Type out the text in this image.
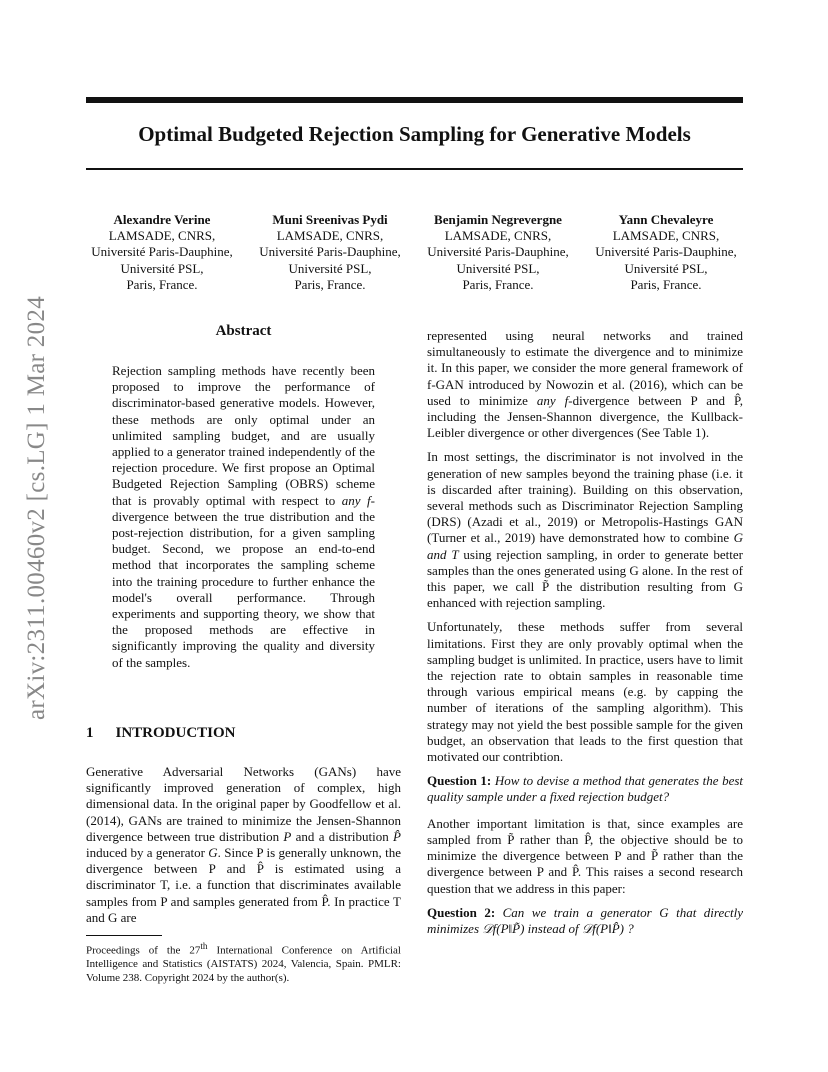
Optimal Budgeted Rejection Sampling for Generative Models
arXiv:2311.00460v2 [cs.LG] 1 Mar 2024
Alexandre Verine
LAMSADE, CNRS,
Université Paris-Dauphine,
Université PSL,
Paris, France.
Muni Sreenivas Pydi
LAMSADE, CNRS,
Université Paris-Dauphine,
Université PSL,
Paris, France.
Benjamin Negrevergne
LAMSADE, CNRS,
Université Paris-Dauphine,
Université PSL,
Paris, France.
Yann Chevaleyre
LAMSADE, CNRS,
Université Paris-Dauphine,
Université PSL,
Paris, France.
Abstract

Rejection sampling methods have recently been proposed to improve the performance of discriminator-based generative models. However, these methods are only optimal under an unlimited sampling budget, and are usually applied to a generator trained independently of the rejection procedure. We first propose an Optimal Budgeted Rejection Sampling (OBRS) scheme that is provably optimal with respect to any f-divergence between the true distribution and the post-rejection distribution, for a given sampling budget. Second, we propose an end-to-end method that incorporates the sampling scheme into the training procedure to further enhance the model's overall performance. Through experiments and supporting theory, we show that the proposed methods are effective in significantly improving the quality and diversity of the samples.

1 INTRODUCTION

Generative Adversarial Networks (GANs) have significantly improved generation of complex, high dimensional data. In the original paper by Goodfellow et al. (2014), GANs are trained to minimize the Jensen-Shannon divergence between true distribution P and a distribution P̂ induced by a generator G. Since P is generally unknown, the divergence between P and P̂ is estimated using a discriminator T, i.e. a function that discriminates available samples from P and samples generated from P̂. In practice T and G are

Proceedings of the 27th International Conference on Artificial Intelligence and Statistics (AISTATS) 2024, Valencia, Spain. PMLR: Volume 238. Copyright 2024 by the author(s).

represented using neural networks and trained simultaneously to estimate the divergence and to minimize it. In this paper, we consider the more general framework of f-GAN introduced by Nowozin et al. (2016), which can be used to minimize any f-divergence between P and P̂, including the Jensen-Shannon divergence, the Kullback-Leibler divergence or other divergences (See Table 1).

In most settings, the discriminator is not involved in the generation of new samples beyond the training phase (i.e. it is discarded after training). Building on this observation, several methods such as Discriminator Rejection Sampling (DRS) (Azadi et al., 2019) or Metropolis-Hastings GAN (Turner et al., 2019) have demonstrated how to combine G and T using rejection sampling, in order to generate better samples than the ones generated using G alone. In the rest of this paper, we call P̃ the distribution resulting from G enhanced with rejection sampling.

Unfortunately, these methods suffer from several limitations. First they are only provably optimal when the sampling budget is unlimited. In practice, users have to limit the rejection rate to obtain samples in reasonable time through various empirical means (e.g. by capping the number of iterations of the sampling algorithm). This strategy may not yield the best possible sample for the given budget, an observation that leads to the first question that motivated our contribtion.

Question 1: How to devise a method that generates the best quality sample under a fixed rejection budget?

Another important limitation is that, since examples are sampled from P̃ rather than P̂, the objective should be to minimize the divergence between P and P̃ rather than the divergence between P and P̂. This raises a second research question that we address in this paper:

Question 2: Can we train a generator G that directly minimizes 𝒟f(P‖P̃) instead of 𝒟f(P‖P̂) ?
